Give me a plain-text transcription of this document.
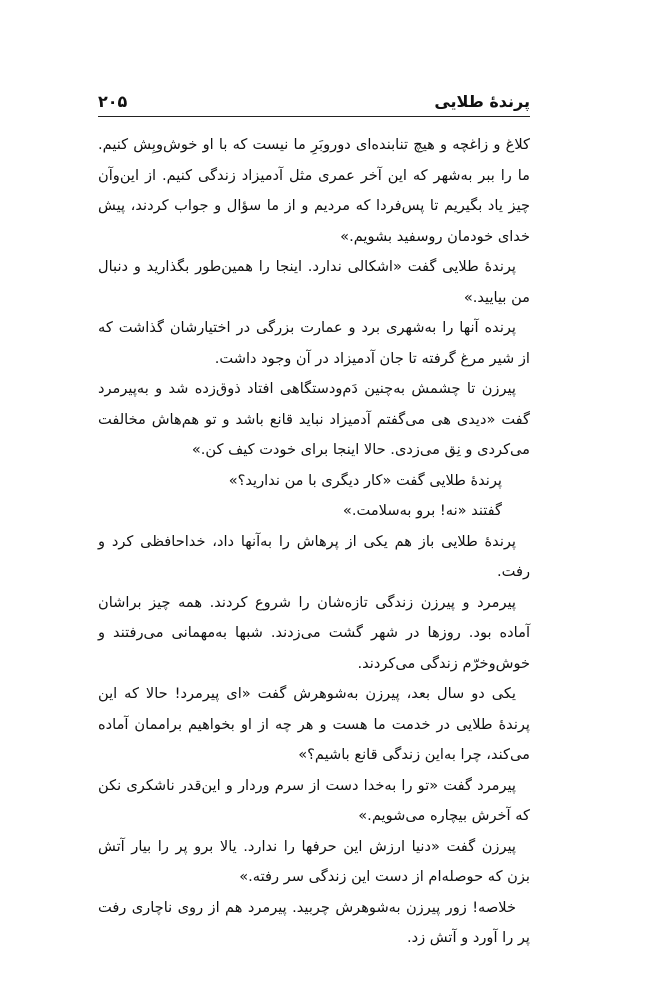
پرندهٔ طلایی
۲۰۵

کلاغ و زاغچه و هیچ تنابنده‌ای دوروبَرِ ما نیست که با او خوش‌وبِش کنیم. ما را ببر به‌شهر که این آخر عمری مثل آدمیزاد زندگی کنیم. از این‌وآن چیز یاد بگیریم تا پس‌فردا که مردیم و از ما سؤال و جواب کردند، پیش خدای خودمان روسفید بشویم.»

پرندهٔ طلایی گفت «اشکالی ندارد. اینجا را همین‌طور بگذارید و دنبال من بیایید.»

پرنده آنها را به‌شهری برد و عمارت بزرگی در اختیارشان گذاشت که از شیر مرغ گرفته تا جان آدمیزاد در آن وجود داشت.

پیرزن تا چشمش به‌چنین دَم‌ودستگاهی افتاد ذوق‌زده شد و به‌پیرمرد گفت «دیدی هی می‌گفتم آدمیزاد نباید قانع باشد و تو هم‌هاش مخالفت می‌کردی و نِق می‌زدی. حالا اینجا برای خودت کیف کن.»

پرندهٔ طلایی گفت «کار دیگری با من ندارید؟»

گفتند «نه! برو به‌سلامت.»

پرندهٔ طلایی باز هم یکی از پرهاش را به‌آنها داد، خداحافظی کرد و رفت.

پیرمرد و پیرزن زندگی تازه‌شان را شروع کردند. همه چیز براشان آماده بود. روزها در شهر گشت می‌زدند. شبها به‌مهمانی می‌رفتند و خوش‌وخرّم زندگی می‌کردند.

یکی دو سال بعد، پیرزن به‌شوهرش گفت «ای پیرمرد! حالا که این پرندهٔ طلایی در خدمت ما هست و هر چه از او بخواهیم براممان آماده می‌کند، چرا به‌این زندگی قانع باشیم؟»

پیرمرد گفت «تو را به‌خدا دست از سرم وردار و این‌قدر ناشکری نکن که آخرش بیچاره می‌شویم.»

پیرزن گفت «دنیا ارزش این حرفها را ندارد. یالا برو پر را بیار آتش بزن که حوصله‌ام از دست این زندگی سر رفته.»

خلاصه! زور پیرزن به‌شوهرش چربید. پیرمرد هم از روی ناچاری رفت پر را آورد و آتش زد.
